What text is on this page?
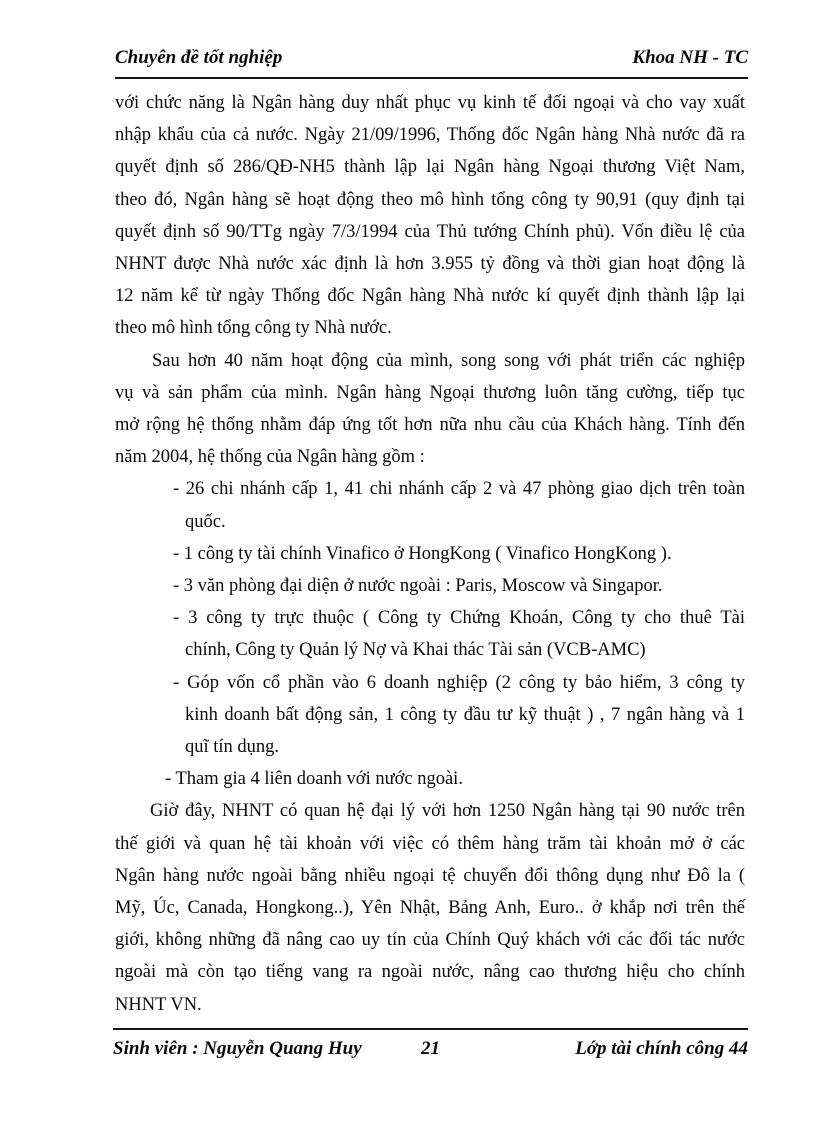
Chuyên đề tốt nghiệp	Khoa NH - TC
với chức năng là Ngân hàng duy nhất phục vụ kinh tế đối ngoại và cho vay xuất
nhập khẩu của cả nước. Ngày 21/09/1996, Thống đốc Ngân hàng Nhà nước đã ra
quyết định số 286/QĐ-NH5 thành lập lại Ngân hàng Ngoại thương Việt Nam,
theo đó, Ngân hàng sẽ hoạt động theo mô hình tổng công ty 90,91 (quy định tại
quyết định số 90/TTg ngày 7/3/1994 của Thủ tướng Chính phủ). Vốn điều lệ của
NHNT được Nhà nước xác định là hơn 3.955 tỷ đồng và thời gian hoạt động là
12 năm kể từ ngày Thống đốc Ngân hàng Nhà nước kí quyết định thành lập lại
theo mô hình tổng công ty Nhà nước.
Sau hơn 40 năm hoạt động của mình, song song với phát triển các nghiệp
vụ và sản phẩm của mình. Ngân hàng Ngoại thương luôn tăng cường, tiếp tục
mở rộng hệ thống nhằm đáp ứng tốt hơn nữa nhu cầu của Khách hàng. Tính đến
năm 2004, hệ thống của Ngân hàng gồm :
- 26 chi nhánh cấp 1, 41 chi nhánh cấp 2 và 47 phòng giao dịch trên toàn
quốc.
- 1 công ty tài chính Vinafico ở HongKong ( Vinafico HongKong ).
- 3 văn phòng đại diện ở nước ngoài : Paris, Moscow và Singapor.
- 3 công ty trực thuộc ( Công ty Chứng Khoán, Công ty cho thuê Tài
chính, Công ty Quản lý Nợ và Khai thác Tài sản (VCB-AMC)
- Góp vốn cổ phần vào 6 doanh nghiệp (2 công ty bảo hiểm, 3 công ty
kinh doanh bất động sản, 1 công ty đầu tư kỹ thuật ) , 7 ngân hàng và 1
quĩ tín dụng.
- Tham gia 4 liên doanh với nước ngoài.
Giờ đây, NHNT có quan hệ đại lý với hơn 1250 Ngân hàng tại 90 nước trên
thế giới và quan hệ tài khoản với việc có thêm hàng trăm tài khoản mở ở các
Ngân hàng nước ngoài bằng nhiều ngoại tệ chuyển đổi thông dụng như Đô la (
Mỹ, Úc, Canada, Hongkong..), Yên Nhật, Bảng Anh, Euro.. ở khắp nơi trên thế
giới, không những đã nâng cao uy tín của Chính Quý khách với các đối tác nước
ngoài mà còn tạo tiếng vang ra ngoài nước, nâng cao thương hiệu cho chính
NHNT VN.
Sinh viên : Nguyễn Quang Huy	21	Lớp tài chính công 44
